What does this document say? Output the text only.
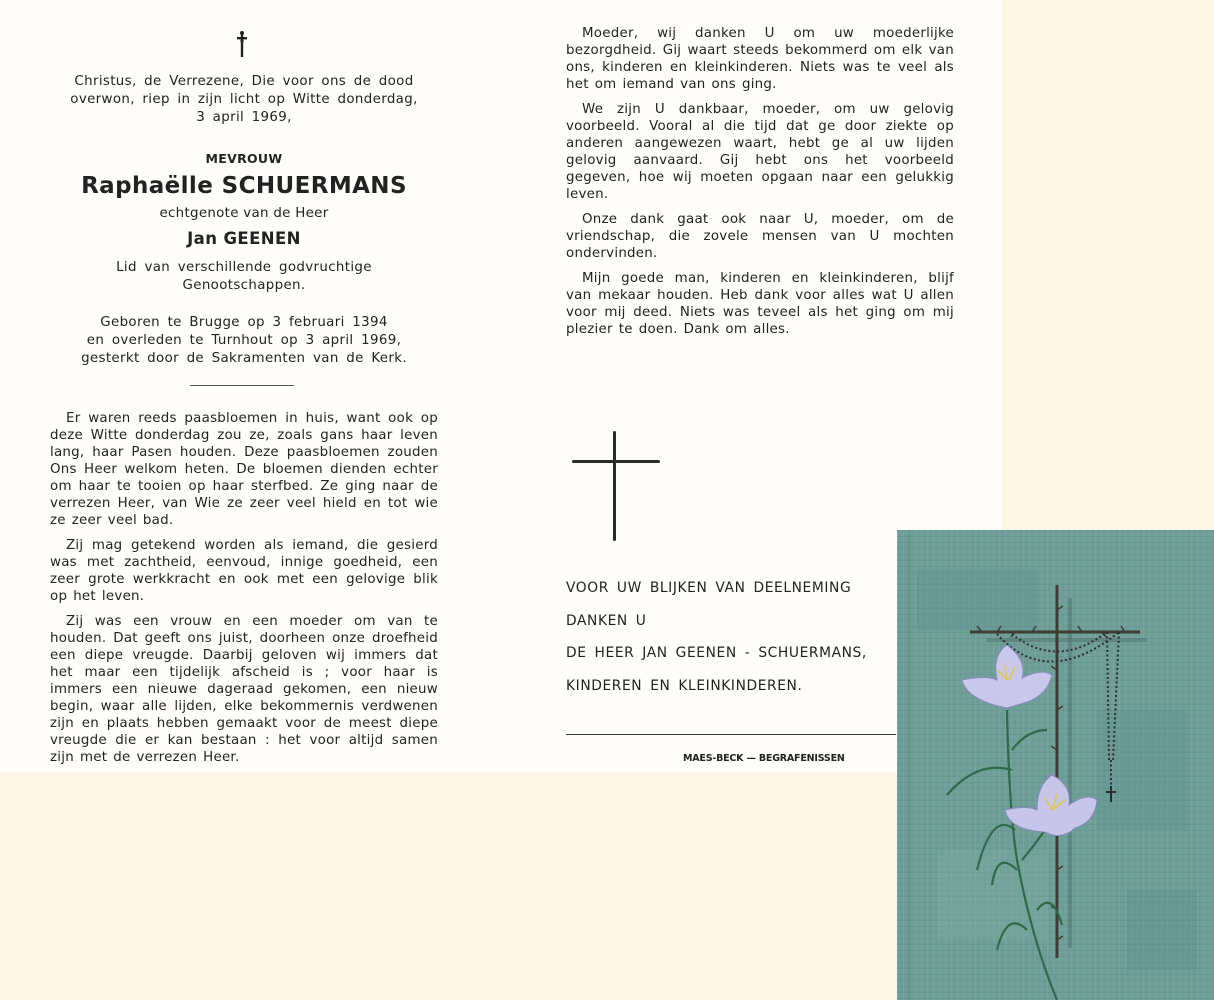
Christus, de Verrezene, Die voor ons de dood
overwon, riep in zijn licht op Witte donderdag,
3 april 1969,
MEVROUW
Raphaëlle SCHUERMANS
echtgenote van de Heer
Jan GEENEN
Lid van verschillende godvruchtige
Genootschappen.
Geboren te Brugge op 3 februari 1394
en overleden te Turnhout op 3 april 1969,
gesterkt door de Sakramenten van de Kerk.

Er waren reeds paasbloemen in huis, want ook op deze Witte donderdag zou ze, zoals gans haar leven lang, haar Pasen houden. Deze paasbloemen zouden Ons Heer welkom heten. De bloemen dienden echter om haar te tooien op haar sterfbed. Ze ging naar de verrezen Heer, van Wie ze zeer veel hield en tot wie ze zeer veel bad.

Zij mag getekend worden als iemand, die gesierd was met zachtheid, eenvoud, innige goedheid, een zeer grote werkkracht en ook met een gelovige blik op het leven.

Zij was een vrouw en een moeder om van te houden. Dat geeft ons juist, doorheen onze droefheid een diepe vreugde. Daarbij geloven wij immers dat het maar een tijdelijk afscheid is ; voor haar is immers een nieuwe dageraad gekomen, een nieuw begin, waar alle lijden, elke bekommernis verdwenen zijn en plaats hebben gemaakt voor de meest diepe vreugde die er kan bestaan : het voor altijd samen zijn met de verrezen Heer.

Moeder, wij danken U om uw moederlijke bezorgdheid. Gij waart steeds bekommerd om elk van ons, kinderen en kleinkinderen. Niets was te veel als het om iemand van ons ging.

We zijn U dankbaar, moeder, om uw gelovig voorbeeld. Vooral al die tijd dat ge door ziekte op anderen aangewezen waart, hebt ge al uw lijden gelovig aanvaard. Gij hebt ons het voorbeeld gegeven, hoe wij moeten opgaan naar een gelukkig leven.

Onze dank gaat ook naar U, moeder, om de vriendschap, die zovele mensen van U mochten ondervinden.

Mijn goede man, kinderen en kleinkinderen, blijf van mekaar houden. Heb dank voor alles wat U allen voor mij deed. Niets was teveel als het ging om mij plezier te doen. Dank om alles.

VOOR UW BLIJKEN VAN DEELNEMING
DANKEN U
DE HEER JAN GEENEN - SCHUERMANS,
KINDEREN EN KLEINKINDEREN.
MAES-BECK — BEGRAFENISSEN
